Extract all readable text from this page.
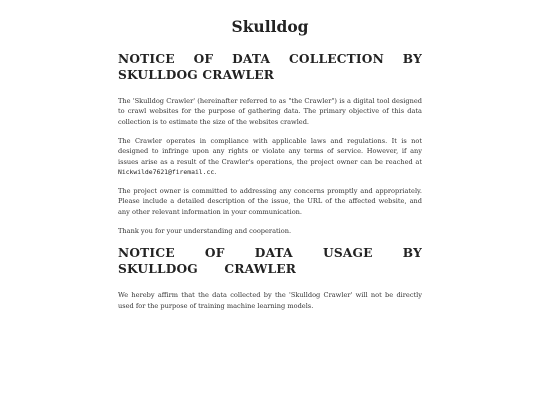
Skulldog
NOTICE OF DATA COLLECTION BY SKULLDOG CRAWLER

The 'Skulldog Crawler' (hereinafter referred to as "the Crawler") is a digital tool designed to crawl websites for the purpose of gathering data. The primary objective of this data collection is to estimate the size of the websites crawled.

The Crawler operates in compliance with applicable laws and regulations. It is not designed to infringe upon any rights or violate any terms of service. However, if any issues arise as a result of the Crawler's operations, the project owner can be reached at Nickwilde7621@firemail.cc.

The project owner is committed to addressing any concerns promptly and appropriately. Please include a detailed description of the issue, the URL of the affected website, and any other relevant information in your communication.

Thank you for your understanding and cooperation.

NOTICE OF DATA USAGE BY SKULLDOG CRAWLER

We hereby affirm that the data collected by the 'Skulldog Crawler' will not be directly used for the purpose of training machine learning models.
